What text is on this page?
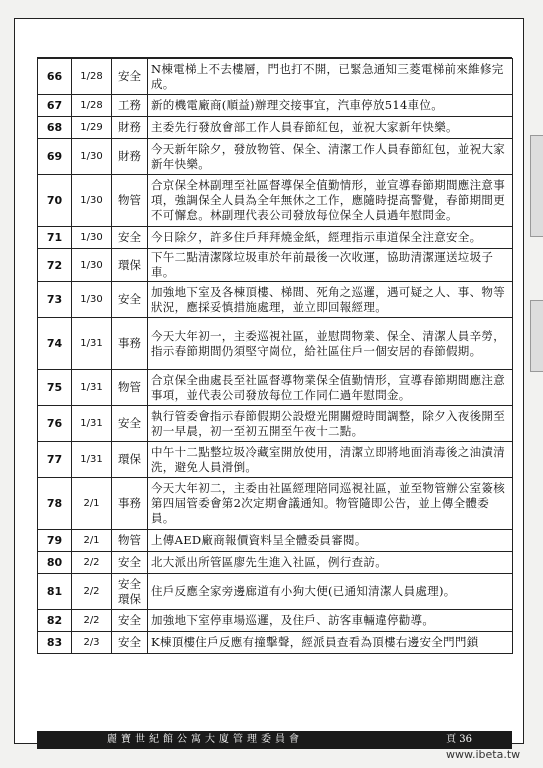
66	1/28	安全	N棟電梯上不去樓層，門也打不開，已緊急通知三菱電梯前來維修完成。
67	1/28	工務	新的機電廠商(順益)辦理交接事宜，汽車停放514車位。
68	1/29	財務	主委先行發放會部工作人員春節紅包，並祝大家新年快樂。
69	1/30	財務	今天新年除夕，發放物管、保全、清潔工作人員春節紅包，並祝大家新年快樂。
70	1/30	物管	合京保全林副理至社區督導保全值勤情形，並宣導春節期間應注意事項，強調保全人員為全年無休之工作，應隨時提高警覺，春節期間更不可懈怠。林副理代表公司發放每位保全人員過年慰問金。
71	1/30	安全	今日除夕，許多住戶拜拜燒金紙，經理指示車道保全注意安全。
72	1/30	環保	下午二點清潔隊垃圾車於年前最後一次收運，協助清潔運送垃圾子車。
73	1/30	安全	加強地下室及各棟頂樓、梯間、死角之巡邏，遇可疑之人、事、物等狀況，應採妥慎措施處理，並立即回報經理。
74	1/31	事務	今天大年初一，主委巡視社區，並慰問物業、保全、清潔人員辛勞，指示春節期間仍須堅守崗位，給社區住戶一個安居的春節假期。
75	1/31	物管	合京保全曲處長至社區督導物業保全值勤情形，宣導春節期間應注意事項，並代表公司發放每位工作同仁過年慰問金。
76	1/31	安全	執行管委會指示春節假期公設燈光開關燈時間調整，除夕入夜後開至初一早晨，初一至初五開至午夜十二點。
77	1/31	環保	中午十二點整垃圾冷藏室開放使用，清潔立即將地面消毒後之油漬清洗，避免人員滑倒。
78	2/1	事務	今天大年初二，主委由社區經理陪同巡視社區，並至物管辦公室簽核第四屆管委會第2次定期會議通知。物管隨即公告，並上傳全體委員。
79	2/1	物管	上傳AED廠商報價資料呈全體委員審閱。
80	2/2	安全	北大派出所管區廖先生進入社區，例行查訪。
81	2/2	安全環保	住戶反應全家旁邊廊道有小狗大便(已通知清潔人員處理)。
82	2/2	安全	加強地下室停車場巡邏，及住戶、訪客車輛違停勸導。
83	2/3	安全	K棟頂樓住戶反應有撞擊聲，經派員查看為頂樓右邊安全門門鎖
麗寶世紀館公寓大廈管理委員會	頁 36
www.ibeta.tw
